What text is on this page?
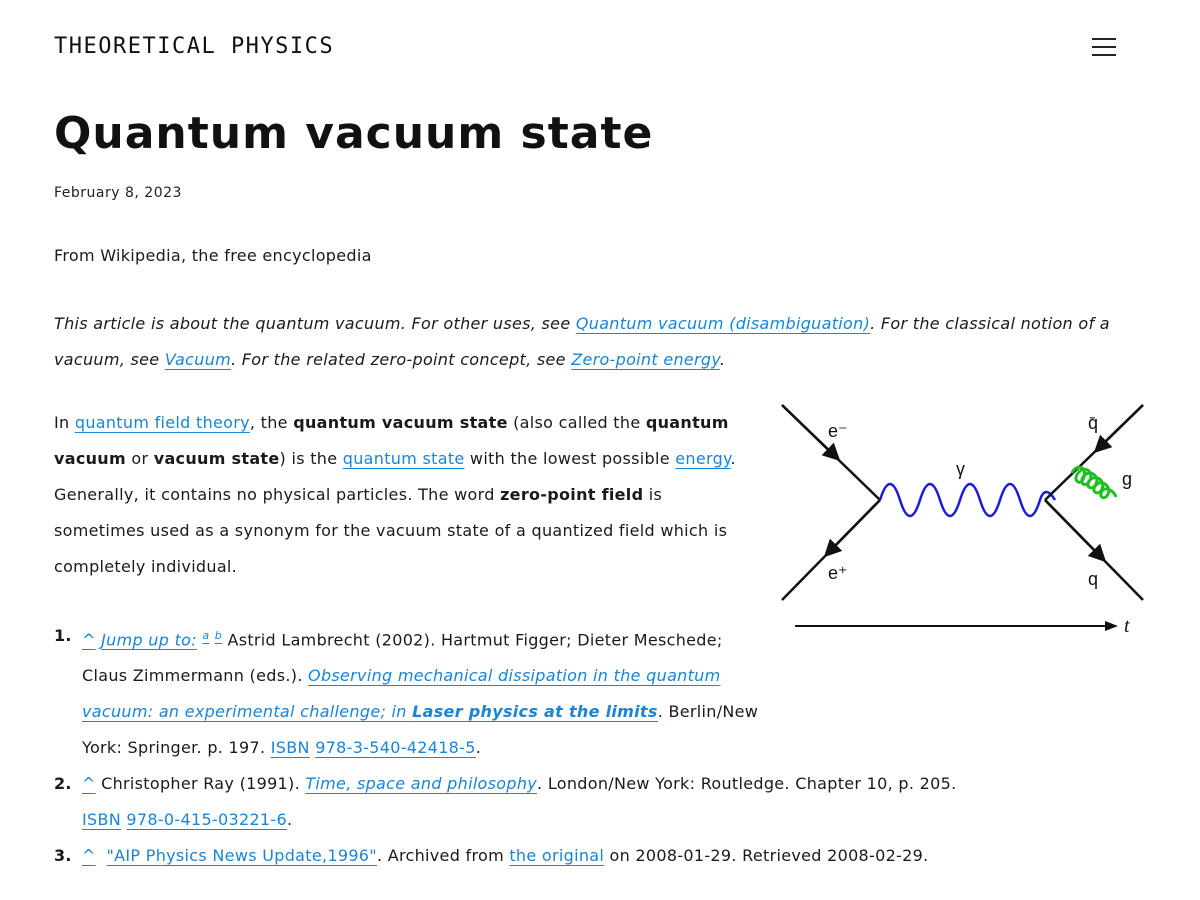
THEORETICAL PHYSICS
Quantum vacuum state
February 8, 2023
From Wikipedia, the free encyclopedia
This article is about the quantum vacuum. For other uses, see Quantum vacuum (disambiguation). For the classical notion of a vacuum, see Vacuum. For the related zero-point concept, see Zero-point energy.
In quantum field theory, the quantum vacuum state (also called the quantum vacuum or vacuum state) is the quantum state with the lowest possible energy. Generally, it contains no physical particles. The word zero-point field is sometimes used as a synonym for the vacuum state of a quantized field which is completely individual.
e⁻
e⁺
γ
q̄
q
g
t
1. ^ Jump up to: $^a$ $^b$ Astrid Lambrecht (2002). Hartmut Figger; Dieter Meschede; Claus Zimmermann (eds.). Observing mechanical dissipation in the quantum vacuum: an experimental challenge; in Laser physics at the limits. Berlin/New York: Springer. p. 197. ISBN 978-3-540-42418-5.
2. ^ Christopher Ray (1991). Time, space and philosophy. London/New York: Routledge. Chapter 10, p. 205.
ISBN 978-0-415-03221-6.
3. ^ "AIP Physics News Update,1996". Archived from the original on 2008-01-29. Retrieved 2008-02-29.
